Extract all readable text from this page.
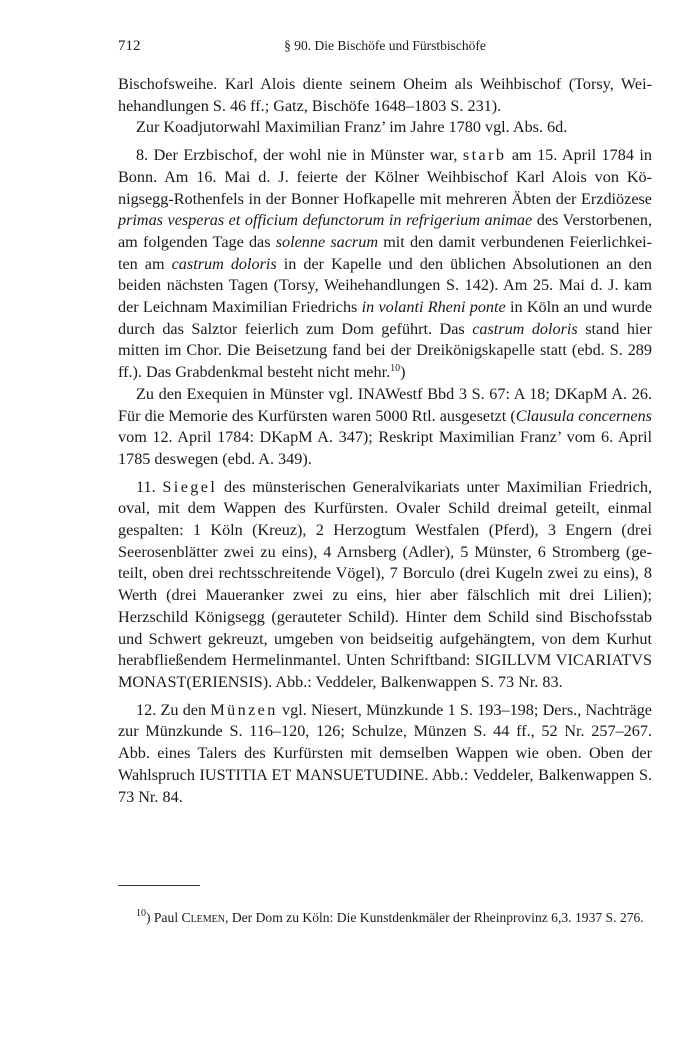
712	§ 90. Die Bischöfe und Fürstbischöfe

Bischofsweihe. Karl Alois diente seinem Oheim als Weihbischof (Torsy, Weihehandlungen S. 46 ff.; Gatz, Bischöfe 1648–1803 S. 231).

Zur Koadjutorwahl Maximilian Franz’ im Jahre 1780 vgl. Abs. 6d.

8. Der Erzbischof, der wohl nie in Münster war, starb am 15. April 1784 in Bonn. Am 16. Mai d. J. feierte der Kölner Weihbischof Karl Alois von Königsegg-Rothenfels in der Bonner Hofkapelle mit mehreren Äbten der Erzdiözese primas vesperas et officium defunctorum in refrigerium animae des Verstorbenen, am folgenden Tage das solenne sacrum mit den damit verbundenen Feierlichkeiten am castrum doloris in der Kapelle und den üblichen Absolutionen an den beiden nächsten Tagen (Torsy, Weihehandlungen S. 142). Am 25. Mai d. J. kam der Leichnam Maximilian Friedrichs in volanti Rheni ponte in Köln an und wurde durch das Salztor feierlich zum Dom geführt. Das castrum doloris stand hier mitten im Chor. Die Beisetzung fand bei der Dreikönigskapelle statt (ebd. S. 289 ff.). Das Grabdenkmal besteht nicht mehr.$^{10}$)

Zu den Exequien in Münster vgl. INAWestf Bbd 3 S. 67: A 18; DKapM A. 26. Für die Memorie des Kurfürsten waren 5000 Rtl. ausgesetzt (Clausula concernens vom 12. April 1784: DKapM A. 347); Reskript Maximilian Franz’ vom 6. April 1785 deswegen (ebd. A. 349).

11. Siegel des münsterischen Generalvikariats unter Maximilian Friedrich, oval, mit dem Wappen des Kurfürsten. Ovaler Schild dreimal geteilt, einmal gespalten: 1 Köln (Kreuz), 2 Herzogtum Westfalen (Pferd), 3 Engern (drei Seerosenblätter zwei zu eins), 4 Arnsberg (Adler), 5 Münster, 6 Stromberg (geteilt, oben drei rechtsschreitende Vögel), 7 Borculo (drei Kugeln zwei zu eins), 8 Werth (drei Maueranker zwei zu eins, hier aber fälschlich mit drei Lilien); Herzschild Königsegg (gerauteter Schild). Hinter dem Schild sind Bischofsstab und Schwert gekreuzt, umgeben von beidseitig aufgehängtem, von dem Kurhut herabfließendem Hermelinmantel. Unten Schriftband: SIGILLVM VICARIATVS MONAST(ERIENSIS). Abb.: Veddeler, Balkenwappen S. 73 Nr. 83.

12. Zu den Münzen vgl. Niesert, Münzkunde 1 S. 193–198; Ders., Nachträge zur Münzkunde S. 116–120, 126; Schulze, Münzen S. 44 ff., 52 Nr. 257–267. Abb. eines Talers des Kurfürsten mit demselben Wappen wie oben. Oben der Wahlspruch IUSTITIA ET MANSUETUDINE. Abb.: Veddeler, Balkenwappen S. 73 Nr. 84.

$^{10}$) Paul Clemen, Der Dom zu Köln: Die Kunstdenkmäler der Rheinprovinz 6,3. 1937 S. 276.
